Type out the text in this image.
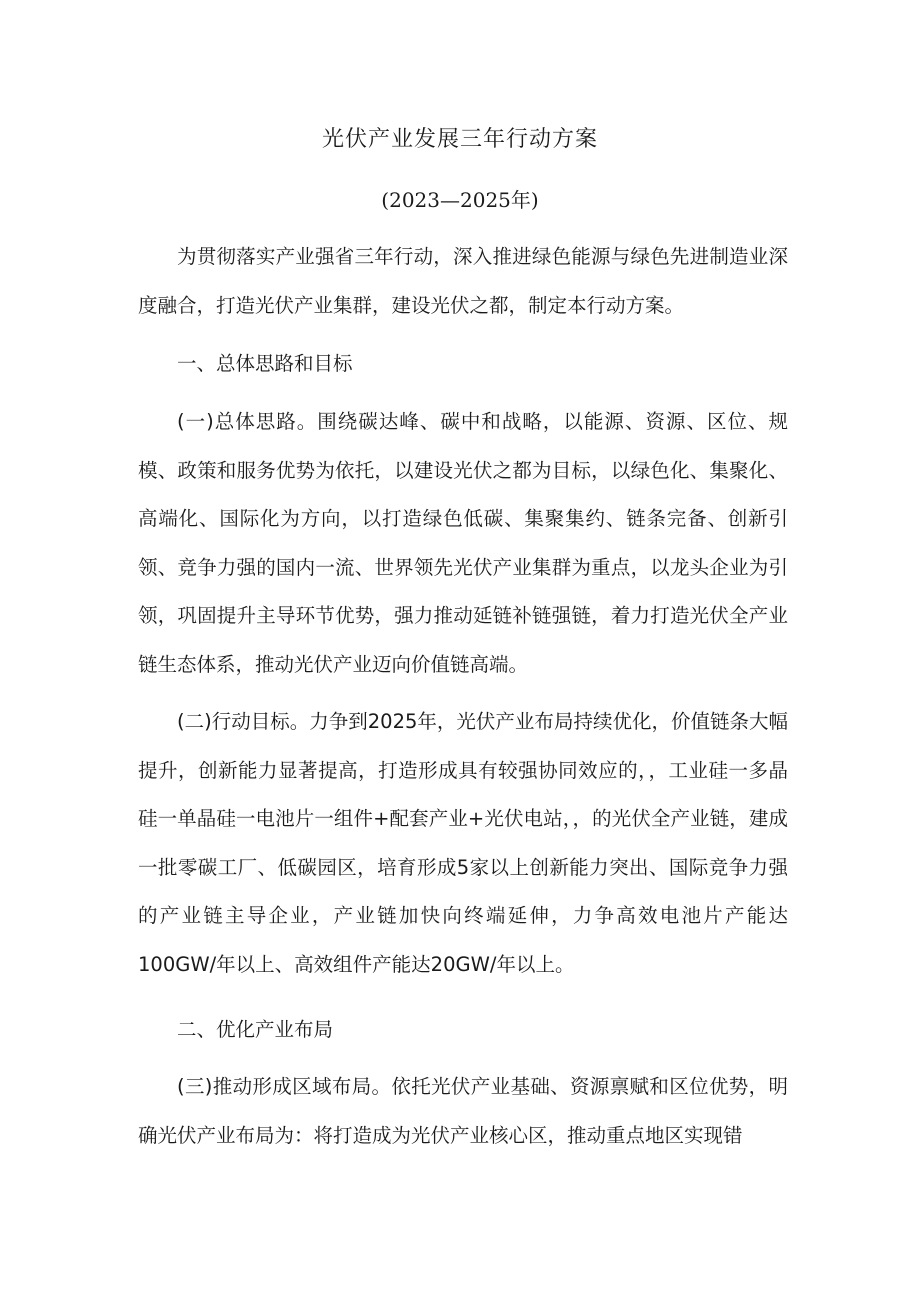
光伏产业发展三年行动方案

(2023—2025年)

为贯彻落实产业强省三年行动，深入推进绿色能源与绿色先进制造业深度融合，打造光伏产业集群，建设光伏之都，制定本行动方案。

一、总体思路和目标

(一)总体思路。围绕碳达峰、碳中和战略，以能源、资源、区位、规模、政策和服务优势为依托，以建设光伏之都为目标，以绿色化、集聚化、高端化、国际化为方向，以打造绿色低碳、集聚集约、链条完备、创新引领、竞争力强的国内一流、世界领先光伏产业集群为重点，以龙头企业为引领，巩固提升主导环节优势，强力推动延链补链强链，着力打造光伏全产业链生态体系，推动光伏产业迈向价值链高端。

(二)行动目标。力争到2025年，光伏产业布局持续优化，价值链条大幅提升，创新能力显著提高，打造形成具有较强协同效应的，，工业硅一多晶硅一单晶硅一电池片一组件+配套产业+光伏电站，，的光伏全产业链，建成一批零碳工厂、低碳园区，培育形成5家以上创新能力突出、国际竞争力强的产业链主导企业，产业链加快向终端延伸，力争高效电池片产能达100GW/年以上、高效组件产能达20GW/年以上。

二、优化产业布局

(三)推动形成区域布局。依托光伏产业基础、资源禀赋和区位优势，明确光伏产业布局为：将打造成为光伏产业核心区，推动重点地区实现错
